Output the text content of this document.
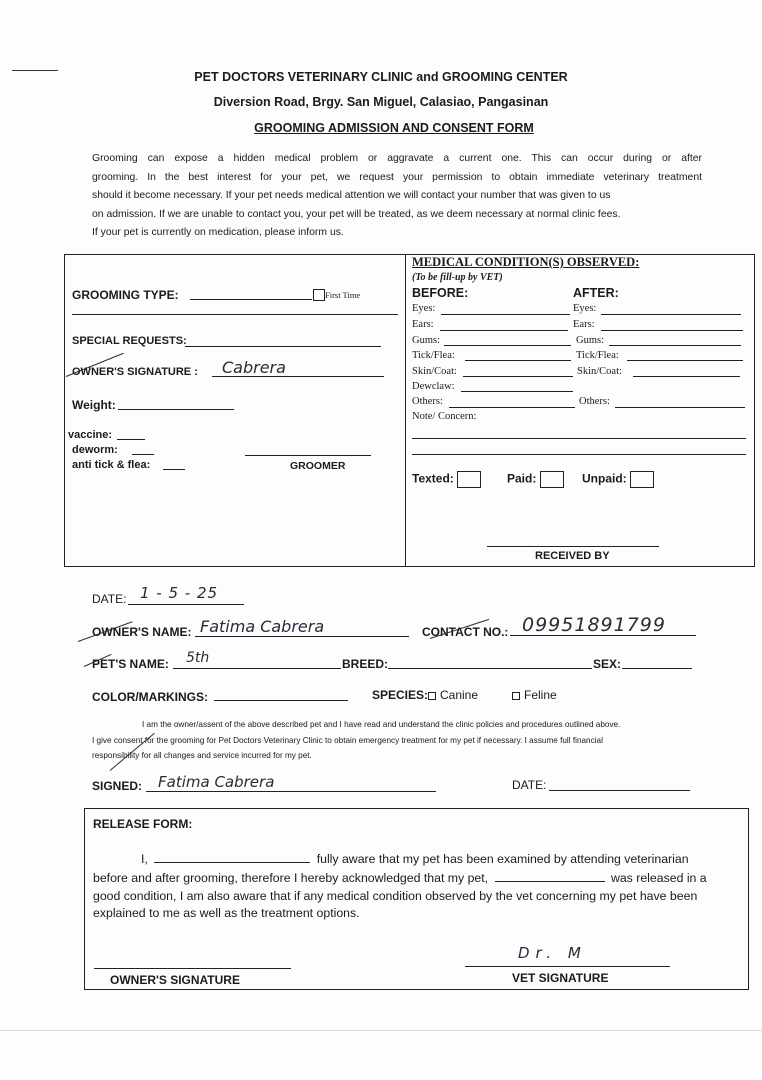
PET DOCTORS VETERINARY CLINIC and GROOMING CENTER
Diversion Road, Brgy. San Miguel, Calasiao, Pangasinan
GROOMING ADMISSION AND CONSENT FORM
Grooming can expose a hidden medical problem or aggravate a current one. This can occur during or after
grooming. In the best interest for your pet, we request your permission to obtain immediate veterinary treatment
should it become necessary. If your pet needs medical attention we will contact your number that was given to us
on admission. If we are unable to contact you, your pet will be treated, as we deem necessary at normal clinic fees.
If your pet is currently on medication, please inform us.
GROOMING TYPE:	First Time
SPECIAL REQUESTS:
OWNER'S SIGNATURE : Cabrera
Weight:
vaccine:
deworm:
anti tick & flea:	GROOMER
MEDICAL CONDITION(S) OBSERVED:
(To be fill-up by VET)
BEFORE:	AFTER:
Eyes:	Eyes:
Ears:	Ears:
Gums:	Gums:
Tick/Flea:	Tick/Flea:
Skin/Coat:	Skin/Coat:
Dewclaw:
Others:	Others:
Note/ Concern:
Texted:	Paid:	Unpaid:
RECEIVED BY
DATE: 1 - 5 - 25
OWNER'S NAME: Fatima Cabrera	CONTACT NO.: 09951891799
PET'S NAME: 5th	BREED:	SEX:
COLOR/MARKINGS:	SPECIES: Canine	Feline
I am the owner/assent of the above described pet and I have read and understand the clinic policies and procedures outlined above.
I give consent for the grooming for Pet Doctors Veterinary Clinic to obtain emergency treatment for my pet if necessary. I assume full financial
responsibility for all changes and service incurred for my pet.
SIGNED: Fatima Cabrera	DATE:
RELEASE FORM:
I,	fully aware that my pet has been examined by attending veterinarian
before and after grooming, therefore I hereby acknowledged that my pet,	was released in a
good condition, I am also aware that if any medical condition observed by the vet concerning my pet have been
explained to me as well as the treatment options.
Dr. M
OWNER'S SIGNATURE	VET SIGNATURE
